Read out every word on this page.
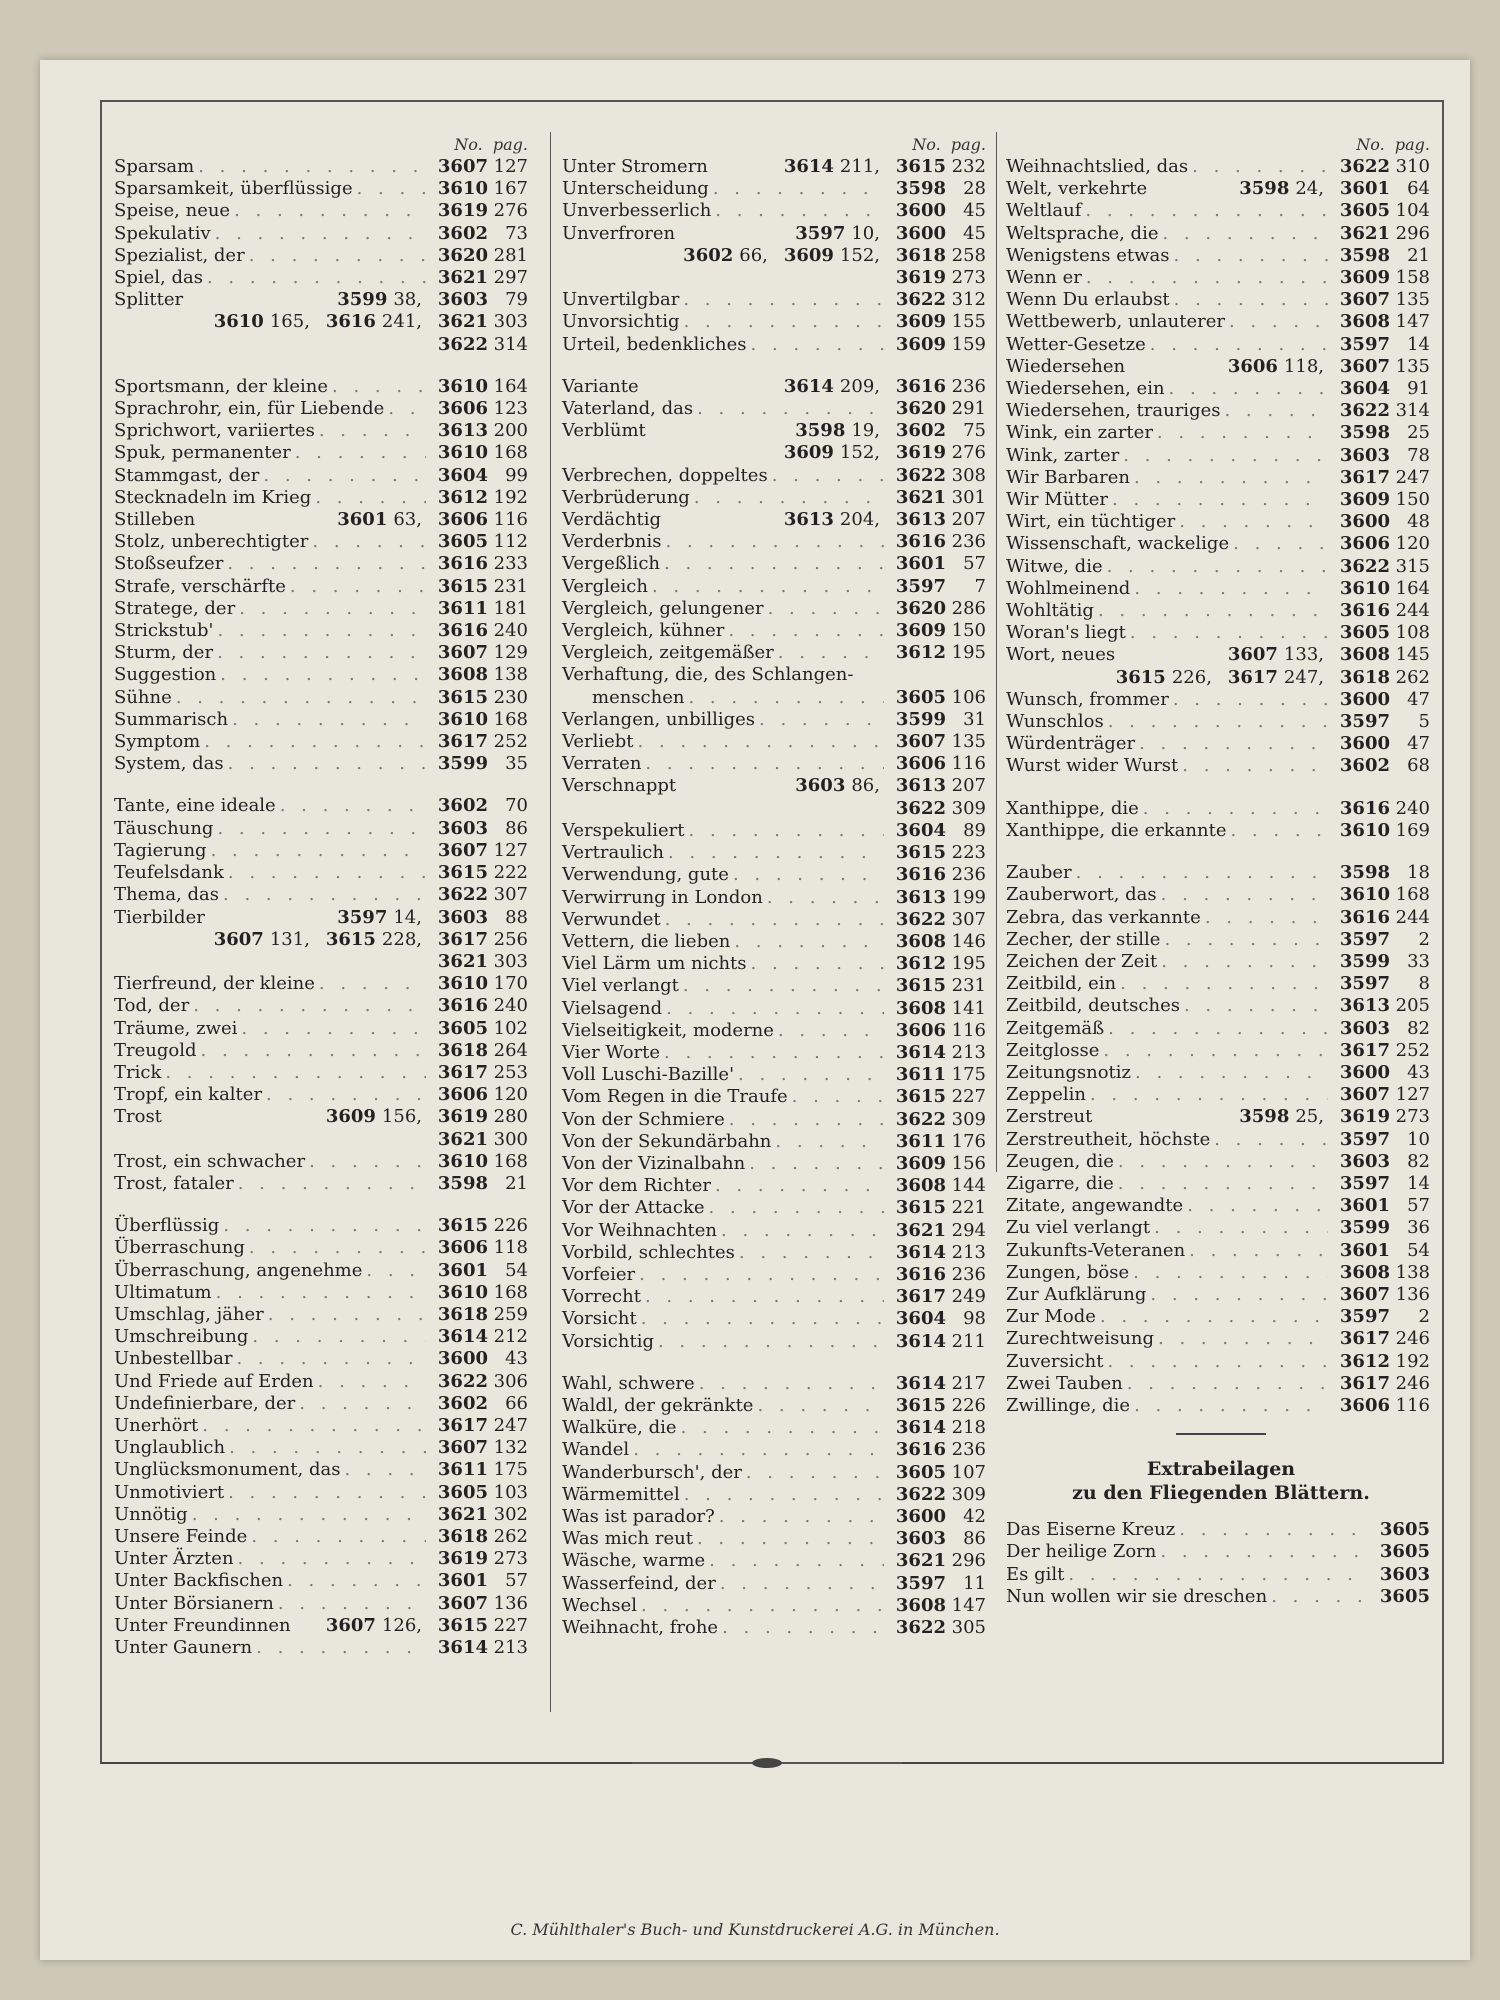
No. pag.
Sparsam . . .	3607 127
Sparsamkeit, überflüssige . . .	3610 167
Speise, neue . . .	3619 276
Spekulativ . . .	3602 73
Spezialist, der . . .	3620 281
Spiel, das . . .	3621 297
Splitter	3599 38, 3603 79
3610 165, 3616 241, 3621 303
3622 314
Sportsmann, der kleine . . .	3610 164
Sprachrohr, ein, für Liebende . . .	3606 123
Sprichwort, variiertes . . .	3613 200
Spuk, permanenter . . .	3610 168
Stammgast, der . . .	3604 99
Stecknadeln im Krieg . . .	3612 192
Stilleben	3601 63, 3606 116
Stolz, unberechtigter . . .	3605 112
Stoßseufzer . . .	3616 233
Strafe, verschärfte . . .	3615 231
Stratege, der . . .	3611 181
Strickstub' . . .	3616 240
Sturm, der . . .	3607 129
Suggestion . . .	3608 138
Sühne . . .	3615 230
Summarisch . . .	3610 168
Symptom . . .	3617 252
System, das . . .	3599 35
Tante, eine ideale . . .	3602 70
Täuschung . . .	3603 86
Tagierung . . .	3607 127
Teufelsdank . . .	3615 222
Thema, das . . .	3622 307
Tierbilder	3597 14, 3603 88
3607 131, 3615 228, 3617 256
3621 303
Tierfreund, der kleine . . .	3610 170
Tod, der . . .	3616 240
Träume, zwei . . .	3605 102
Treugold . . .	3618 264
Trick . . .	3617 253
Tropf, ein kalter . . .	3606 120
Trost	3609 156, 3619 280
3621 300
Trost, ein schwacher . . .	3610 168
Trost, fataler . . .	3598 21
Überflüssig . . .	3615 226
Überraschung . . .	3606 118
Überraschung, angenehme . . .	3601 54
Ultimatum . . .	3610 168
Umschlag, jäher . . .	3618 259
Umschreibung . . .	3614 212
Unbestellbar . . .	3600 43
Und Friede auf Erden . . .	3622 306
Undefinierbare, der . . .	3602 66
Unerhört . . .	3617 247
Unglaublich . . .	3607 132
Unglücksmonument, das . . .	3611 175
Unmotiviert . . .	3605 103
Unnötig . . .	3621 302
Unsere Feinde . . .	3618 262
Unter Ärzten . . .	3619 273
Unter Backfischen . . .	3601 57
Unter Börsianern . . .	3607 136
Unter Freundinnen	3607 126, 3615 227
Unter Gaunern . . .	3614 213
No. pag.
Unter Stromern	3614 211, 3615 232
Unterscheidung . . .	3598 28
Unverbesserlich . . .	3600 45
Unverfroren	3597 10, 3600 45
3602 66, 3609 152, 3618 258
3619 273
Unvertilgbar . . .	3622 312
Unvorsichtig . . .	3609 155
Urteil, bedenkliches . . .	3609 159
Variante	3614 209, 3616 236
Vaterland, das . . .	3620 291
Verblümt	3598 19, 3602 75
3609 152, 3619 276
Verbrechen, doppeltes . . .	3622 308
Verbrüderung . . .	3621 301
Verdächtig	3613 204, 3613 207
Verderbnis . . .	3616 236
Vergeßlich . . .	3601 57
Vergleich . . .	3597	7
Vergleich, gelungener . . .	3620 286
Vergleich, kühner . . .	3609 150
Vergleich, zeitgemäßer . . .	3612 195
Verhaftung, die, des Schlangen-
menschen . . .	3605 106
Verlangen, unbilliges . . .	3599 31
Verliebt . . .	3607 135
Verraten . . .	3606 116
Verschnappt	3603 86, 3613 207
3622 309
Verspekuliert . . .	3604 89
Vertraulich . . .	3615 223
Verwendung, gute . . .	3616 236
Verwirrung in London . . .	3613 199
Verwundet . . .	3622 307
Vettern, die lieben . . .	3608 146
Viel Lärm um nichts . . .	3612 195
Viel verlangt . . .	3615 231
Vielsagend . . .	3608 141
Vielseitigkeit, moderne . . .	3606 116
Vier Worte . . .	3614 213
Voll Luschi-Bazille' . . .	3611 175
Vom Regen in die Traufe . . .	3615 227
Von der Schmiere . . .	3622 309
Von der Sekundärbahn . . .	3611 176
Von der Vizinalbahn . . .	3609 156
Vor dem Richter . . .	3608 144
Vor der Attacke . . .	3615 221
Vor Weihnachten . . .	3621 294
Vorbild, schlechtes . . .	3614 213
Vorfeier . . .	3616 236
Vorrecht . . .	3617 249
Vorsicht . . .	3604 98
Vorsichtig . . .	3614 211
Wahl, schwere . . .	3614 217
Waldl, der gekränkte . . .	3615 226
Walküre, die . . .	3614 218
Wandel . . .	3616 236
Wanderbursch', der . . .	3605 107
Wärmemittel . . .	3622 309
Was ist parador? . . .	3600 42
Was mich reut . . .	3603 86
Wäsche, warme . . .	3621 296
Wasserfeind, der . . .	3597 11
Wechsel . . .	3608 147
Weihnacht, frohe . . .	3622 305
No. pag.
Weihnachtslied, das . . .	3622 310
Welt, verkehrte	3598 24, 3601 64
Weltlauf . . .	3605 104
Weltsprache, die . . .	3621 296
Wenigstens etwas . . .	3598 21
Wenn er . . .	3609 158
Wenn Du erlaubst . . .	3607 135
Wettbewerb, unlauterer . . .	3608 147
Wetter-Gesetze . . .	3597 14
Wiedersehen	3606 118, 3607 135
Wiedersehen, ein . . .	3604 91
Wiedersehen, trauriges . . .	3622 314
Wink, ein zarter . . .	3598 25
Wink, zarter . . .	3603 78
Wir Barbaren . . .	3617 247
Wir Mütter . . .	3609 150
Wirt, ein tüchtiger . . .	3600 48
Wissenschaft, wackelige . . .	3606 120
Witwe, die . . .	3622 315
Wohlmeinend . . .	3610 164
Wohltätig . . .	3616 244
Woran's liegt . . .	3605 108
Wort, neues	3607 133, 3608 145
3615 226, 3617 247, 3618 262
Wunsch, frommer . . .	3600 47
Wunschlos . . .	3597	5
Würdenträger . . .	3600 47
Wurst wider Wurst . . .	3602 68
Xanthippe, die . . .	3616 240
Xanthippe, die erkannte . . .	3610 169
Zauber . . .	3598 18
Zauberwort, das . . .	3610 168
Zebra, das verkannte . . .	3616 244
Zecher, der stille . . .	3597	2
Zeichen der Zeit . . .	3599 33
Zeitbild, ein . . .	3597	8
Zeitbild, deutsches . . .	3613 205
Zeitgemäß . . .	3603 82
Zeitglosse . . .	3617 252
Zeitungsnotiz . . .	3600 43
Zeppelin . . .	3607 127
Zerstreut	3598 25, 3619 273
Zerstreutheit, höchste . . .	3597 10
Zeugen, die . . .	3603 82
Zigarre, die . . .	3597 14
Zitate, angewandte . . .	3601 57
Zu viel verlangt . . .	3599 36
Zukunfts-Veteranen . . .	3601 54
Zungen, böse . . .	3608 138
Zur Aufklärung . . .	3607 136
Zur Mode . . .	3597	2
Zurechtweisung . . .	3617 246
Zuversicht . . .	3612 192
Zwei Tauben . . .	3617 246
Zwillinge, die . . .	3606 116
Extrabeilagen
zu den Fliegenden Blättern.
Das Eiserne Kreuz . . .	3605
Der heilige Zorn . . .	3605
Es gilt . . .	3603
Nun wollen wir sie dreschen . . .	3605
C. Mühlthaler's Buch- und Kunstdruckerei A.G. in München.
